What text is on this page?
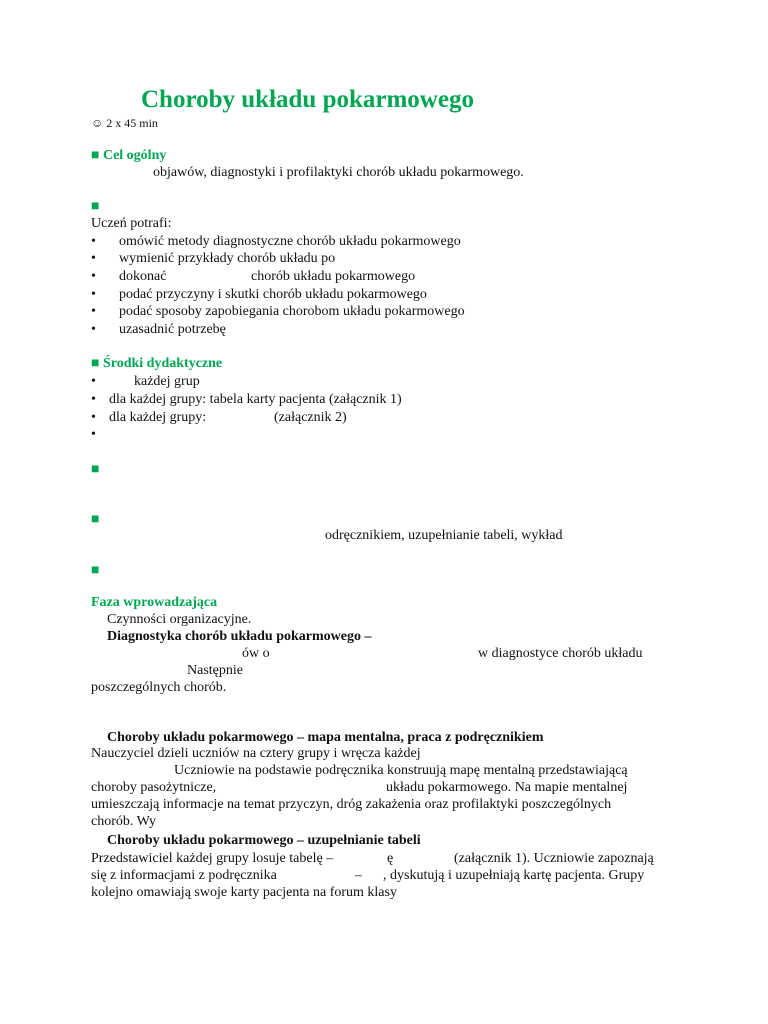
Choroby układu pokarmowego
☺ 2 x 45 min
■ Cel ogólny
objawów, diagnostyki i profilaktyki chorób układu pokarmowego.
■
Uczeń potrafi:
• omówić metody diagnostyczne chorób układu pokarmowego
• wymienić przykłady chorób układu po
• dokonać	chorób układu pokarmowego
• podać przyczyny i skutki chorób układu pokarmowego
• podać sposoby zapobiegania chorobom układu pokarmowego
• uzasadnić potrzebę
■ Środki dydaktyczne
•	każdej grup
• dla każdej grupy: tabela karty pacjenta (załącznik 1)
• dla każdej grupy:	(załącznik 2)
•
■
■
odręcznikiem, uzupełnianie tabeli, wykład
■
Faza wprowadzająca
Czynności organizacyjne.
Diagnostyka chorób układu pokarmowego –
ów o	w diagnostyce chorób układu
Następnie
poszczególnych chorób.
Choroby układu pokarmowego – mapa mentalna, praca z podręcznikiem
Nauczyciel dzieli uczniów na cztery grupy i wręcza każdej
Uczniowie na podstawie podręcznika konstruują mapę mentalną przedstawiającą
choroby pasożytnicze,	układu pokarmowego. Na mapie mentalnej
umieszczają informacje na temat przyczyn, dróg zakażenia oraz profilaktyki poszczególnych
chorób. Wy
Choroby układu pokarmowego – uzupełnianie tabeli
Przedstawiciel każdej grupy losuje tabelę –	ę	(załącznik 1). Uczniowie zapoznają
się z informacjami z podręcznika	– , dyskutują i uzupełniają kartę pacjenta. Grupy
kolejno omawiają swoje karty pacjenta na forum klasy
